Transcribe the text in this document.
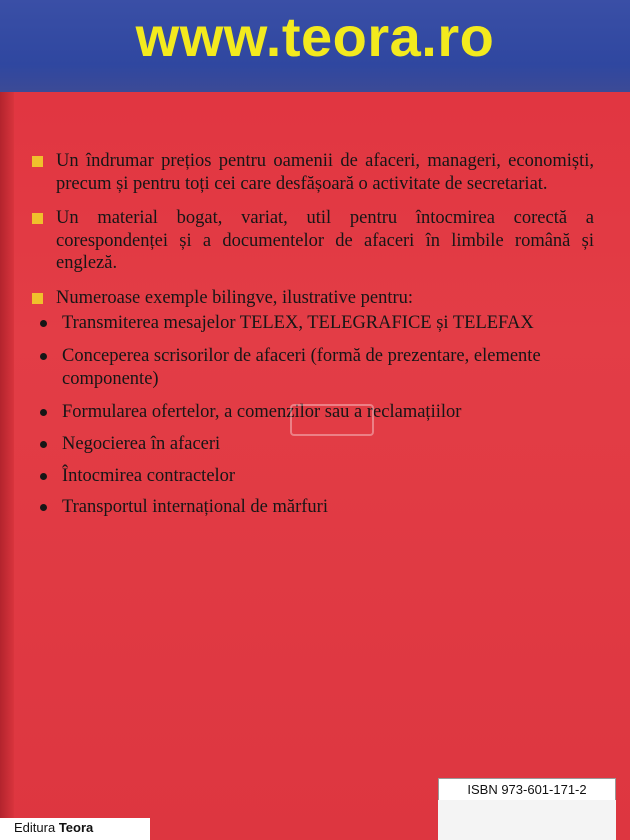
www.teora.ro
Un îndrumar prețios pentru oamenii de afaceri, manageri, economiști, precum și pentru toți cei care desfășoară o activitate de secretariat.
Un material bogat, variat, util pentru întocmirea corectă a corespondenței și a documentelor de afaceri în limbile română și engleză.
Numeroase exemple bilingve, ilustrative pentru:
Transmiterea mesajelor TELEX, TELEGRAFICE și TELEFAX
Conceperea scrisorilor de afaceri (formă de prezentare, elemente componente)
Formularea ofertelor, a comenzilor sau a reclamațiilor
Negocierea în afaceri
Întocmirea contractelor
Transportul internațional de mărfuri
ISBN 973-601-171-2
Editura Teora
